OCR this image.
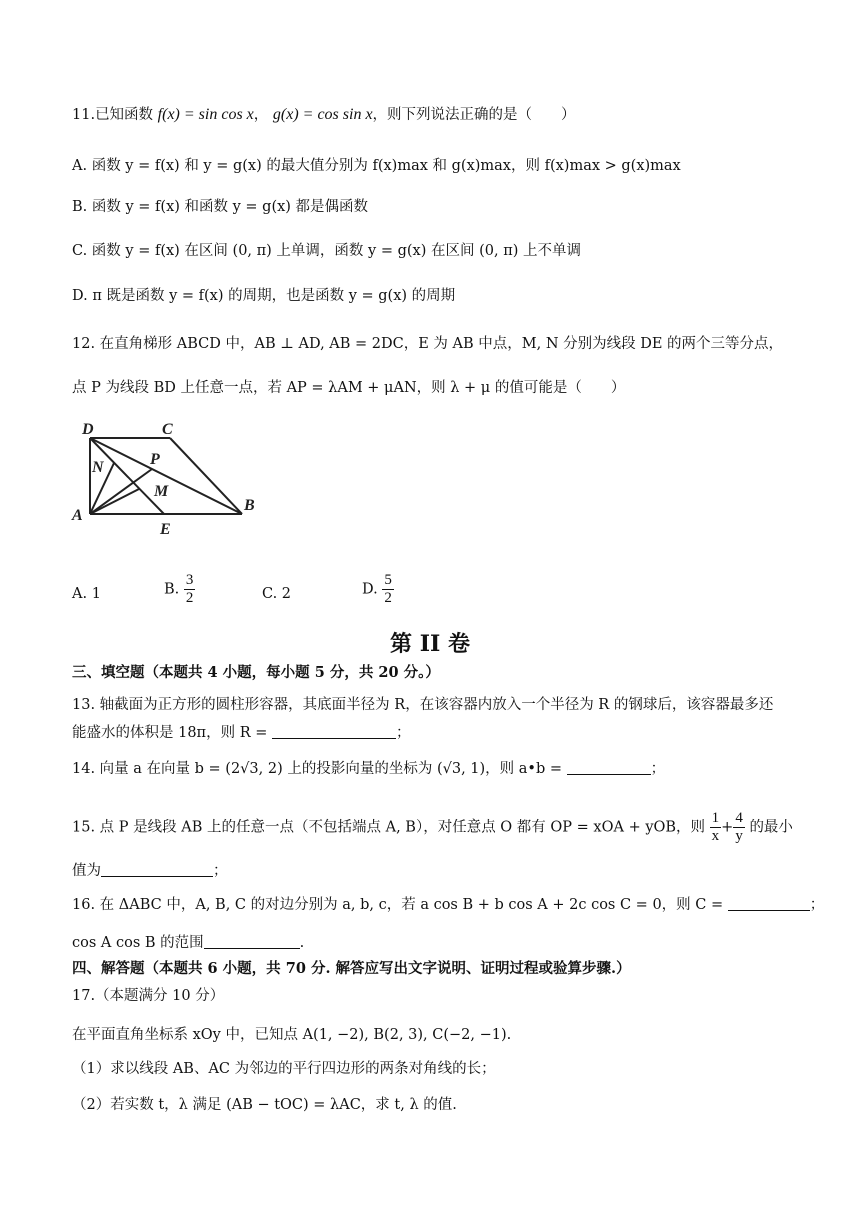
11.已知函数 f(x) = sin cos x， g(x) = cos sin x，则下列说法正确的是（　　）
A. 函数 y = f(x) 和 y = g(x) 的最大值分别为 f(x)max 和 g(x)max，则 f(x)max > g(x)max
B. 函数 y = f(x) 和函数 y = g(x) 都是偶函数
C. 函数 y = f(x) 在区间 (0, π) 上单调，函数 y = g(x) 在区间 (0, π) 上不单调
D. π 既是函数 y = f(x) 的周期，也是函数 y = g(x) 的周期
12. 在直角梯形 ABCD 中，AB ⊥ AD, AB = 2DC，E 为 AB 中点，M, N 分别为线段 DE 的两个三等分点，
点 P 为线段 BD 上任意一点，若 AP = λAM + μAN，则 λ + μ 的值可能是（　　）
D	C
N	P
M
A
E
B
A. 1	B. $\frac{3}{2}$	C. 2	D. $\frac{5}{2}$
第 II 卷
三、填空题（本题共 4 小题，每小题 5 分，共 20 分。）
13. 轴截面为正方形的圆柱形容器，其底面半径为 R，在该容器内放入一个半径为 R 的钢球后，该容器最多还
能盛水的体积是 18π，则 R =	；
14. 向量 a 在向量 b = (2√3, 2) 上的投影向量的坐标为 (√3, 1)，则 a•b =	；
15. 点 P 是线段 AB 上的任意一点（不包括端点 A, B），对任意点 O 都有 OP = xOA + yOB，则 $\frac{1}{x} + \frac{4}{y}$ 的最小
值为	；
16. 在 ΔABC 中，A, B, C 的对边分别为 a, b, c，若 a cos B + b cos A + 2c cos C = 0，则 C =	；
cos A cos B 的范围	.
四、解答题（本题共 6 小题，共 70 分. 解答应写出文字说明、证明过程或验算步骤.）
17.（本题满分 10 分）
在平面直角坐标系 xOy 中，已知点 A(1, −2), B(2, 3), C(−2, −1).
（1）求以线段 AB、AC 为邻边的平行四边形的两条对角线的长；
（2）若实数 t，λ 满足 (AB − tOC) = λAC，求 t, λ 的值.
